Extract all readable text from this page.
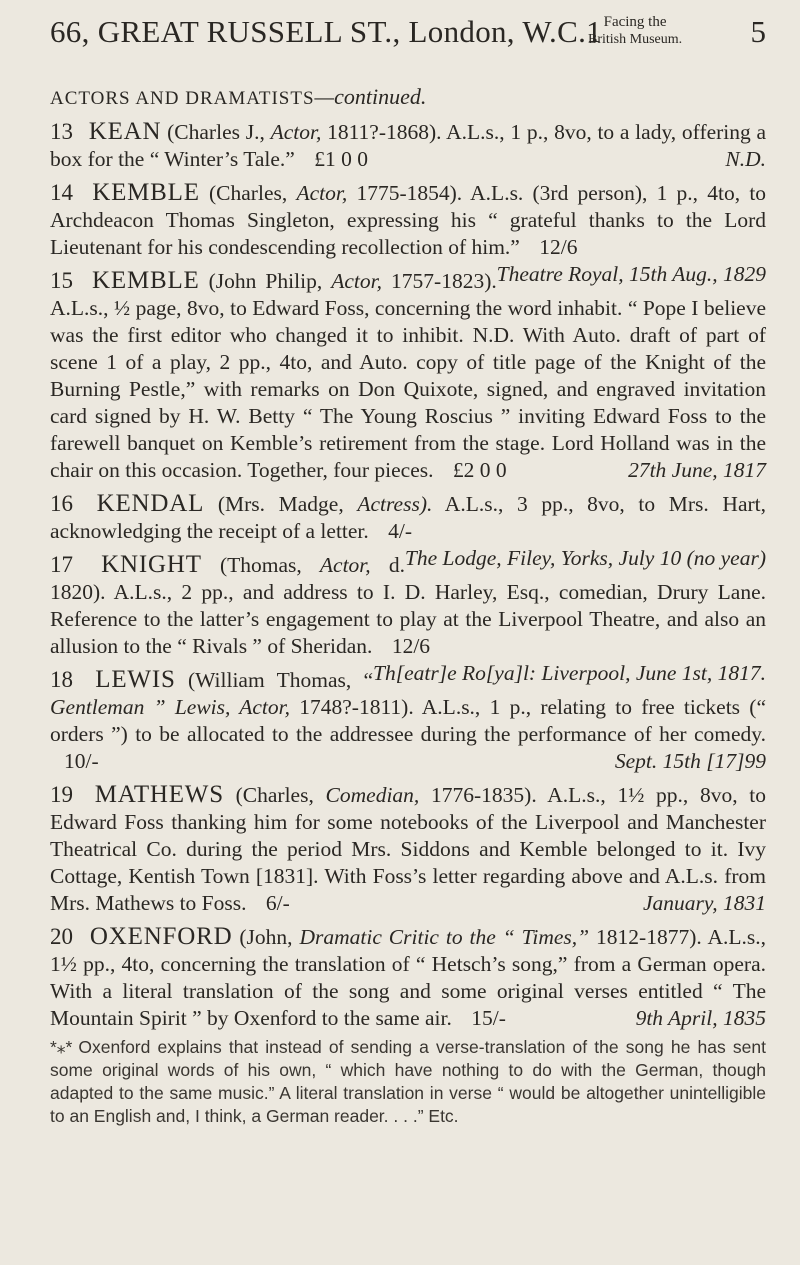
66, GREAT RUSSELL ST., London, W.C.1 Facing the
British Museum. 5
ACTORS AND DRAMATISTS—continued.
13 KEAN (Charles J., Actor, 1811?-1868). A.L.s., 1 p., 8vo, to a lady, offering a box for the “ Winter’s Tale.” £1 0 0	N.D.
14 KEMBLE (Charles, Actor, 1775-1854). A.L.s. (3rd person), 1 p., 4to, to Archdeacon Thomas Singleton, expressing his “ grateful thanks to the Lord Lieutenant for his condescending recollection of him.” 12/6
Theatre Royal, 15th Aug., 1829
15 KEMBLE (John Philip, Actor, 1757-1823). A.L.s., ½ page, 8vo, to Edward Foss, concerning the word inhabit. “ Pope I believe was the first editor who changed it to inhibit. N.D. With Auto. draft of part of scene 1 of a play, 2 pp., 4to, and Auto. copy of title page of the Knight of the Burning Pestle,” with remarks on Don Quixote, signed, and engraved invitation card signed by H. W. Betty “ The Young Roscius ” inviting Edward Foss to the farewell banquet on Kemble’s retirement from the stage. Lord Holland was in the chair on this occasion. Together, four pieces. £2 0 0	27th June, 1817
16 KENDAL (Mrs. Madge, Actress). A.L.s., 3 pp., 8vo, to Mrs. Hart, acknowledging the receipt of a letter. 4/-
The Lodge, Filey, Yorks, July 10 (no year)
17 KNIGHT (Thomas, Actor, d. 1820). A.L.s., 2 pp., and address to I. D. Harley, Esq., comedian, Drury Lane. Reference to the latter’s engagement to play at the Liverpool Theatre, and also an allusion to the “ Rivals ” of Sheridan. 12/6
Th[eatr]e Ro[ya]l: Liverpool, June 1st, 1817.
18 LEWIS (William Thomas, “ Gentleman ” Lewis, Actor, 1748?-1811). A.L.s., 1 p., relating to free tickets (“ orders ”) to be allocated to the addressee during the performance of her comedy. 10/-	Sept. 15th [17]99
19 MATHEWS (Charles, Comedian, 1776-1835). A.L.s., 1½ pp., 8vo, to Edward Foss thanking him for some notebooks of the Liverpool and Manchester Theatrical Co. during the period Mrs. Siddons and Kemble belonged to it. Ivy Cottage, Kentish Town [1831]. With Foss’s letter regarding above and A.L.s. from Mrs. Mathews to Foss. 6/-	January, 1831
20 OXENFORD (John, Dramatic Critic to the “ Times,” 1812-1877). A.L.s., 1½ pp., 4to, concerning the translation of “ Hetsch’s song,” from a German opera. With a literal translation of the song and some original verses entitled “ The Mountain Spirit ” by Oxenford to the same air. 15/-	9th April, 1835
*⁎* Oxenford explains that instead of sending a verse-translation of the song he has sent some original words of his own, “ which have nothing to do with the German, though adapted to the same music.” A literal translation in verse “ would be altogether unintelligible to an English and, I think, a German reader. . . .” Etc.
